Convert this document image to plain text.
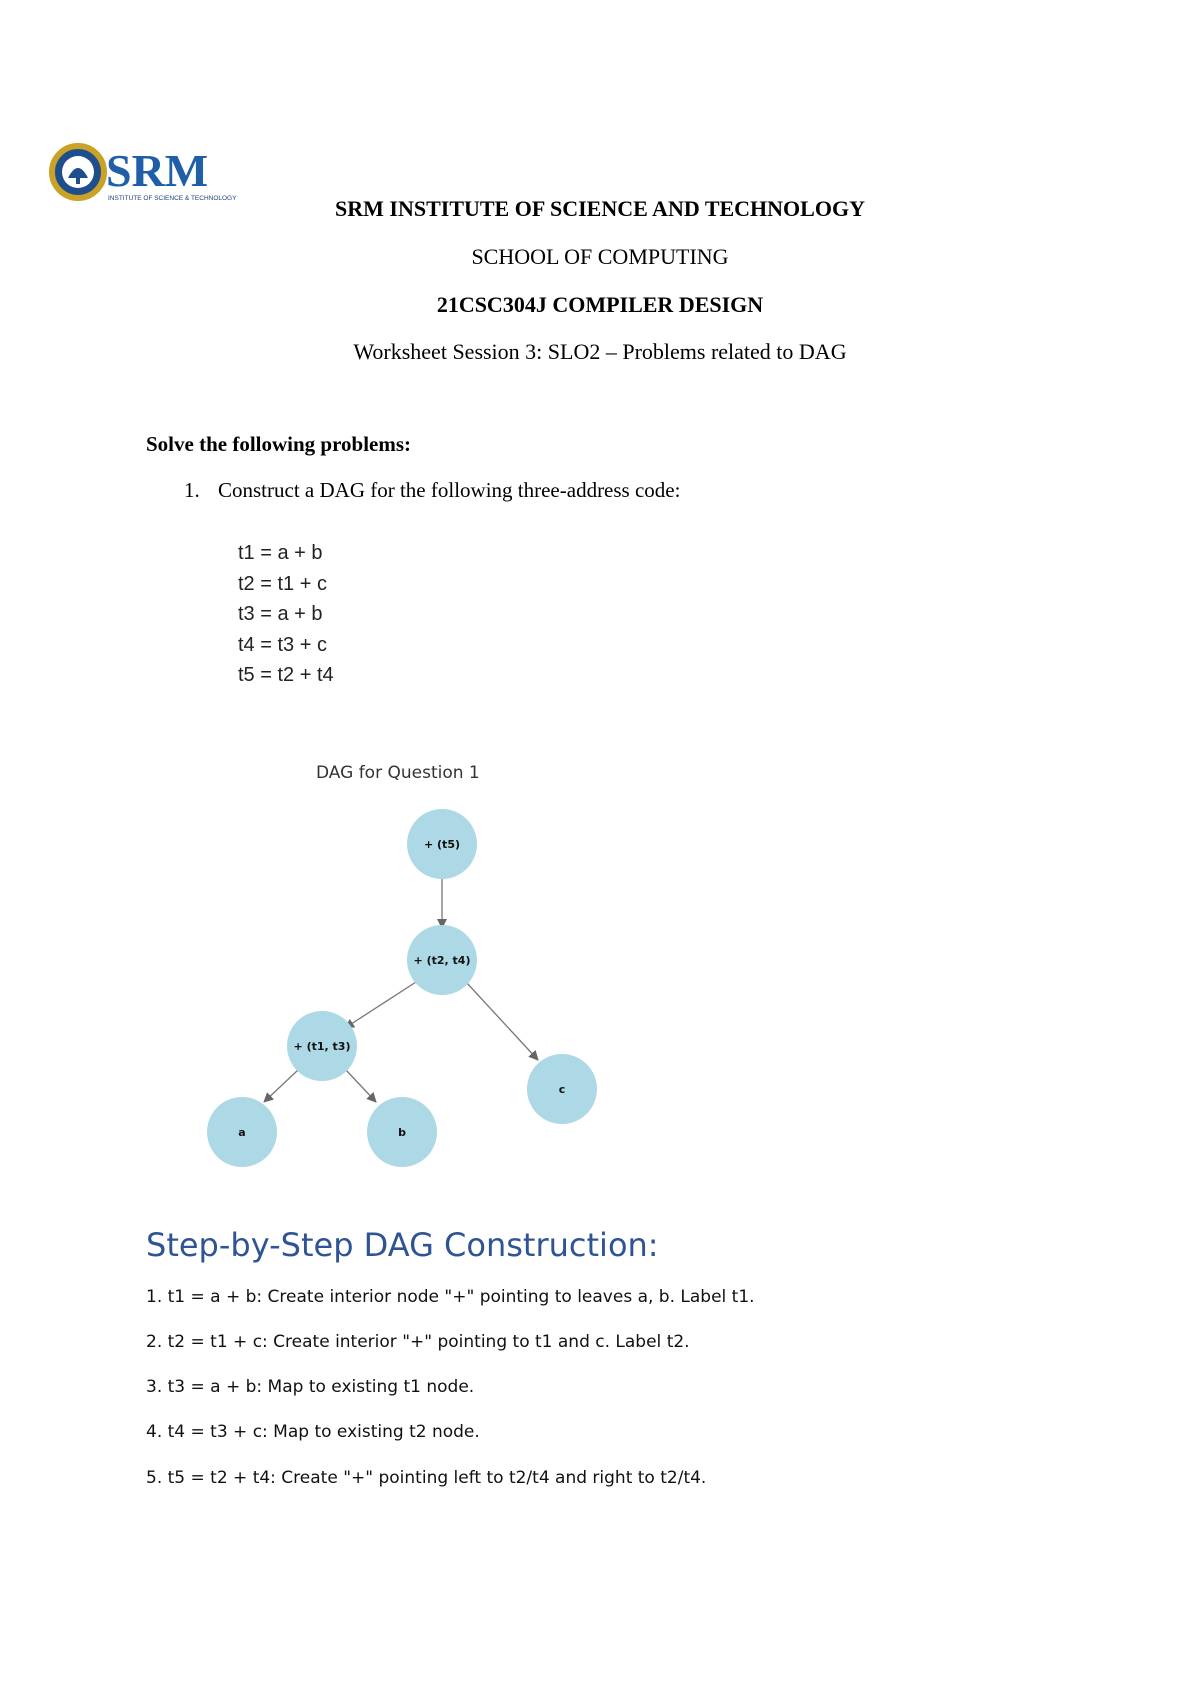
SRM
INSTITUTE OF SCIENCE & TECHNOLOGY	SRM INSTITUTE OF SCIENCE AND TECHNOLOGY
SCHOOL OF COMPUTING
21CSC304J COMPILER DESIGN
Worksheet Session 3: SLO2 – Problems related to DAG
Solve the following problems:
1. Construct a DAG for the following three-address code:
t1 = a + b
t2 = t1 + c
t3 = a + b
t4 = t3 + c
t5 = t2 + t4
DAG for Question 1
+ (t5)
+ (t2, t4)
+ (t1, t3)
a	b
c
Step-by-Step DAG Construction:
1. t1 = a + b: Create interior node "+" pointing to leaves a, b. Label t1.
2. t2 = t1 + c: Create interior "+" pointing to t1 and c. Label t2.
3. t3 = a + b: Map to existing t1 node.
4. t4 = t3 + c: Map to existing t2 node.
5. t5 = t2 + t4: Create "+" pointing left to t2/t4 and right to t2/t4.
